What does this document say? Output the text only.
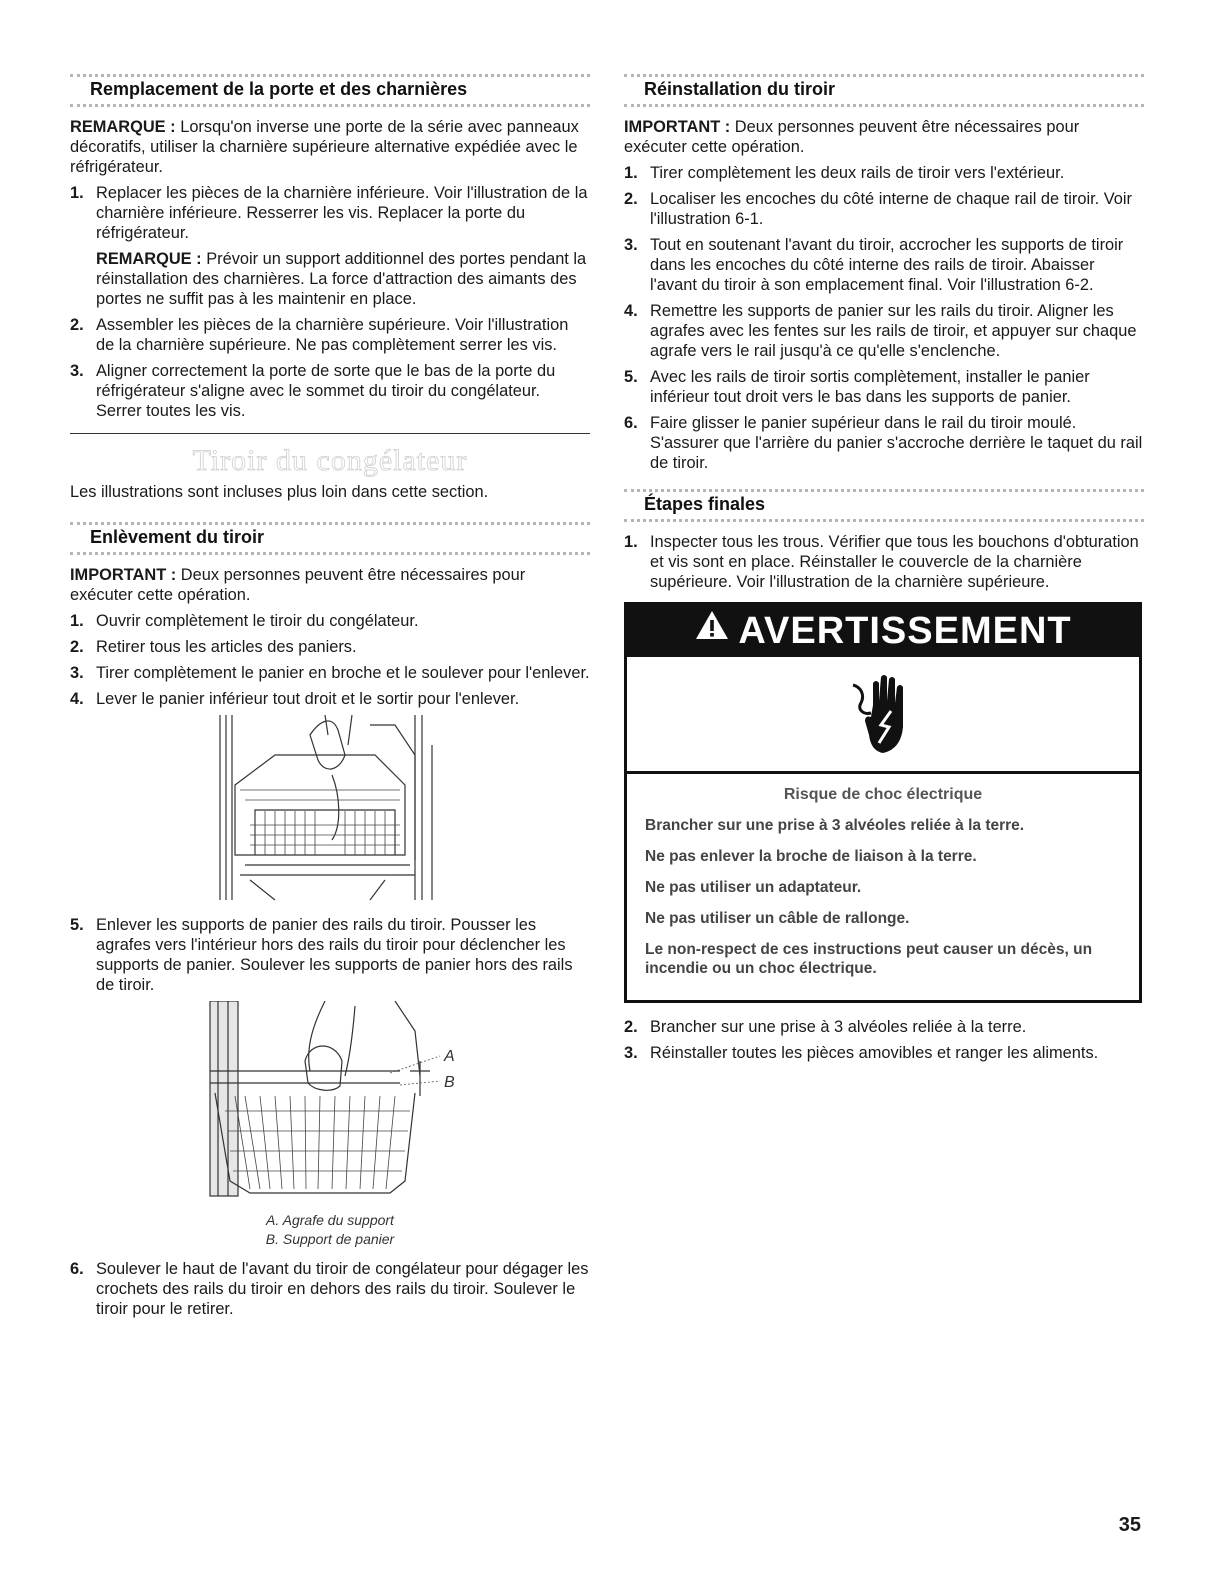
Remplacement de la porte et des charnières

REMARQUE : Lorsqu'on inverse une porte de la série avec panneaux décoratifs, utiliser la charnière supérieure alternative expédiée avec le réfrigérateur.

1. Replacer les pièces de la charnière inférieure. Voir l'illustration de la charnière inférieure. Resserrer les vis. Replacer la porte du réfrigérateur.

REMARQUE : Prévoir un support additionnel des portes pendant la réinstallation des charnières. La force d'attraction des aimants des portes ne suffit pas à les maintenir en place.

2. Assembler les pièces de la charnière supérieure. Voir l'illustration de la charnière supérieure. Ne pas complètement serrer les vis.
3. Aligner correctement la porte de sorte que le bas de la porte du réfrigérateur s'aligne avec le sommet du tiroir du congélateur. Serrer toutes les vis.
Tiroir du congélateur

Les illustrations sont incluses plus loin dans cette section.

Enlèvement du tiroir

IMPORTANT : Deux personnes peuvent être nécessaires pour exécuter cette opération.

1. Ouvrir complètement le tiroir du congélateur.
2. Retirer tous les articles des paniers.
3. Tirer complètement le panier en broche et le soulever pour l'enlever.
4. Lever le panier inférieur tout droit et le sortir pour l'enlever.
5. Enlever les supports de panier des rails du tiroir. Pousser les agrafes vers l'intérieur hors des rails du tiroir pour déclencher les supports de panier. Soulever les supports de panier hors des rails de tiroir.
A
B
A. Agrafe du support
B. Support de panier
6. Soulever le haut de l'avant du tiroir de congélateur pour dégager les crochets des rails du tiroir en dehors des rails du tiroir. Soulever le tiroir pour le retirer.
Réinstallation du tiroir

IMPORTANT : Deux personnes peuvent être nécessaires pour exécuter cette opération.

1. Tirer complètement les deux rails de tiroir vers l'extérieur.
2. Localiser les encoches du côté interne de chaque rail de tiroir. Voir l'illustration 6-1.
3. Tout en soutenant l'avant du tiroir, accrocher les supports de tiroir dans les encoches du côté interne des rails de tiroir. Abaisser l'avant du tiroir à son emplacement final. Voir l'illustration 6-2.
4. Remettre les supports de panier sur les rails du tiroir. Aligner les agrafes avec les fentes sur les rails de tiroir, et appuyer sur chaque agrafe vers le rail jusqu'à ce qu'elle s'enclenche.
5. Avec les rails de tiroir sortis complètement, installer le panier inférieur tout droit vers le bas dans les supports de panier.
6. Faire glisser le panier supérieur dans le rail du tiroir moulé. S'assurer que l'arrière du panier s'accroche derrière le taquet du rail de tiroir.
Étapes finales
1. Inspecter tous les trous. Vérifier que tous les bouchons d'obturation et vis sont en place. Réinstaller le couvercle de la charnière supérieure. Voir l'illustration de la charnière supérieure.
AVERTISSEMENT
Risque de choc électrique
Brancher sur une prise à 3 alvéoles reliée à la terre.
Ne pas enlever la broche de liaison à la terre.
Ne pas utiliser un adaptateur.
Ne pas utiliser un câble de rallonge.
Le non-respect de ces instructions peut causer un décès, un incendie ou un choc électrique.
2. Brancher sur une prise à 3 alvéoles reliée à la terre.
3. Réinstaller toutes les pièces amovibles et ranger les aliments.
35
